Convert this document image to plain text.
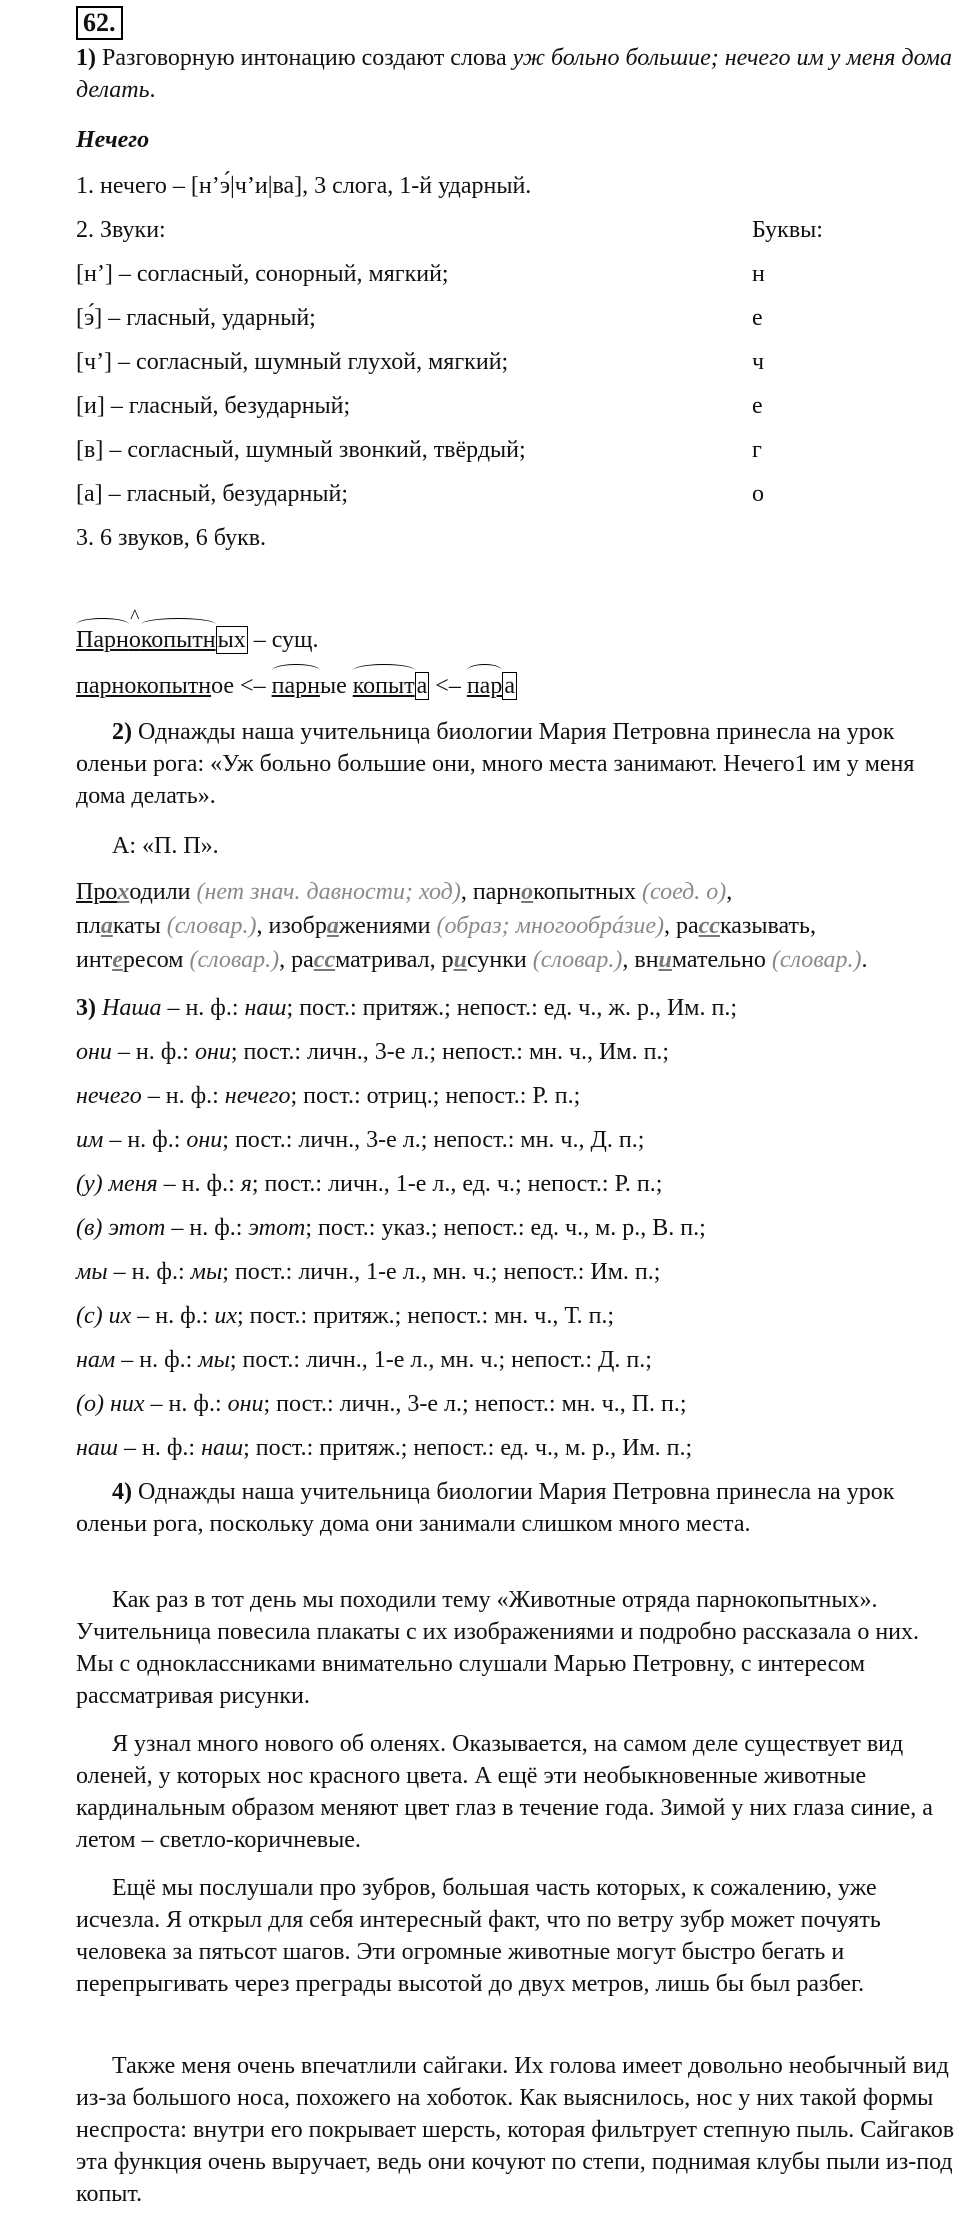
62.
1) Разговорную интонацию создают слова уж больно большие; нечего им у меня дома делать.
Нечего
1. нечего – [н’э́|ч’и|ва], 3 слога, 1-й ударный.
2. Звуки:	Буквы:
[н’] – согласный, сонорный, мягкий;	н
[э́] – гласный, ударный;	е
[ч’] – согласный, шумный глухой, мягкий;	ч
[и] – гласный, безударный;	е
[в] – согласный, шумный звонкий, твёрдый;	г
[а] – гласный, безударный;	о
3. 6 звуков, 6 букв.
Парн^ окопытных – сущ.
парнокопытное <– парные копыта <– пара
2) Однажды наша учительница биологии Мария Петровна принесла на урок оленьи рога: «Уж больно большие они, много места занимают. Нечего1 им у меня дома делать».
А: «П. П».
Проходили (нет знач. давности; ход), парнокопытных (соед. о),
плакаты (словар.), изображениями (образ; многообрáзие), рассказывать,
интересом (словар.), рассматривал, рисунки (словар.), внимательно (словар.).
3) Наша – н. ф.: наш; пост.: притяж.; непост.: ед. ч., ж. р., Им. п.;
они – н. ф.: они; пост.: личн., 3-е л.; непост.: мн. ч., Им. п.;
нечего – н. ф.: нечего; пост.: отриц.; непост.: Р. п.;
им – н. ф.: они; пост.: личн., 3-е л.; непост.: мн. ч., Д. п.;
(у) меня – н. ф.: я; пост.: личн., 1-е л., ед. ч.; непост.: Р. п.;
(в) этот – н. ф.: этот; пост.: указ.; непост.: ед. ч., м. р., В. п.;
мы – н. ф.: мы; пост.: личн., 1-е л., мн. ч.; непост.: Им. п.;
(с) их – н. ф.: их; пост.: притяж.; непост.: мн. ч., Т. п.;
нам – н. ф.: мы; пост.: личн., 1-е л., мн. ч.; непост.: Д. п.;
(о) них – н. ф.: они; пост.: личн., 3-е л.; непост.: мн. ч., П. п.;
наш – н. ф.: наш; пост.: притяж.; непост.: ед. ч., м. р., Им. п.;
4) Однажды наша учительница биологии Мария Петровна принесла на урок оленьи рога, поскольку дома они занимали слишком много места.
Как раз в тот день мы походили тему «Животные отряда парнокопытных». Учительница повесила плакаты с их изображениями и подробно рассказала о них. Мы с одноклассниками внимательно слушали Марью Петровну, с интересом рассматривая рисунки.
Я узнал много нового об оленях. Оказывается, на самом деле существует вид оленей, у которых нос красного цвета. А ещё эти необыкновенные животные кардинальным образом меняют цвет глаз в течение года. Зимой у них глаза синие, а летом – светло-коричневые.
Ещё мы послушали про зубров, большая часть которых, к сожалению, уже исчезла. Я открыл для себя интересный факт, что по ветру зубр может почуять человека за пятьсот шагов. Эти огромные животные могут быстро бегать и перепрыгивать через преграды высотой до двух метров, лишь бы был разбег.
Также меня очень впечатлили сайгаки. Их голова имеет довольно необычный вид из-за большого носа, похожего на хоботок. Как выяснилось, нос у них такой формы неспроста: внутри его покрывает шерсть, которая фильтрует степную пыль. Сайгаков эта функция очень выручает, ведь они кочуют по степи, поднимая клубы пыли из-под копыт.
